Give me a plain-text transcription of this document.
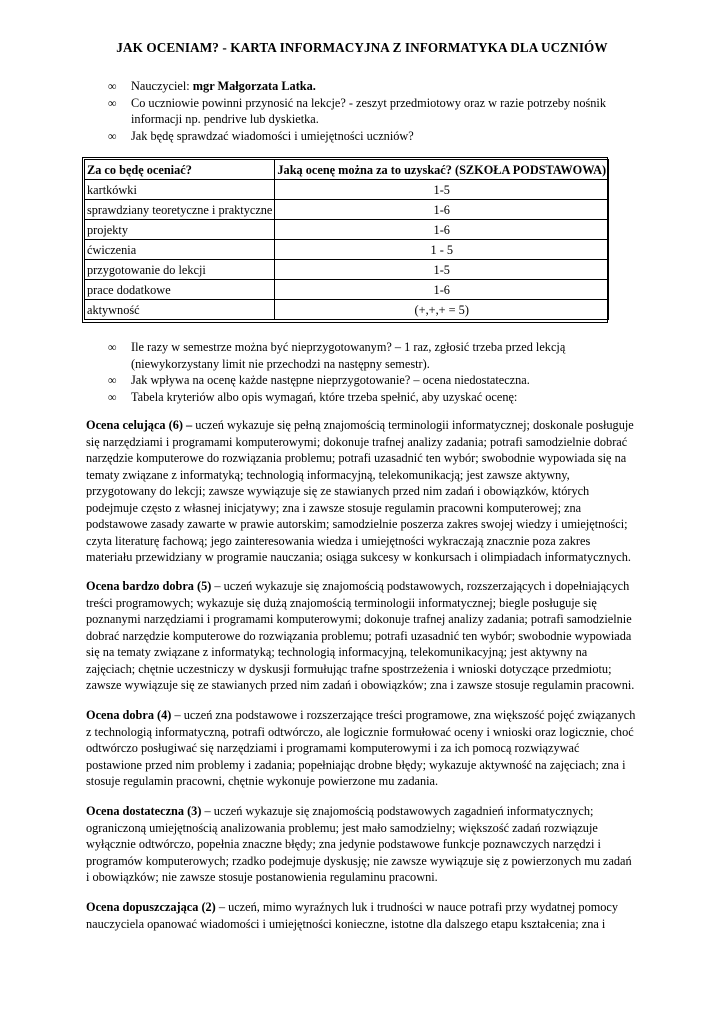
JAK OCENIAM? - KARTA INFORMACYJNA Z INFORMATYKA DLA UCZNIÓW
∞ Nauczyciel: mgr Małgorzata Latka.
∞ Co uczniowie powinni przynosić na lekcje? - zeszyt przedmiotowy oraz w razie potrzeby nośnik informacji np. pendrive lub dyskietka.
∞ Jak będę sprawdzać wiadomości i umiejętności uczniów?
Za co będę oceniać?	Jaką ocenę można za to uzyskać? (SZKOŁA PODSTAWOWA)
kartkówki	1-5
sprawdziany teoretyczne i praktyczne	1-6
projekty	1-6
ćwiczenia	1 - 5
przygotowanie do lekcji	1-5
prace dodatkowe	1-6
aktywność	(+,+,+ = 5)
∞ Ile razy w semestrze można być nieprzygotowanym? – 1 raz, zgłosić trzeba przed lekcją (niewykorzystany limit nie przechodzi na następny semestr).
∞ Jak wpływa na ocenę każde następne nieprzygotowanie? – ocena niedostateczna.
∞ Tabela kryteriów albo opis wymagań, które trzeba spełnić, aby uzyskać ocenę:

Ocena celująca (6) – uczeń wykazuje się pełną znajomością terminologii informatycznej; doskonale posługuje się narzędziami i programami komputerowymi; dokonuje trafnej analizy zadania; potrafi samodzielnie dobrać narzędzie komputerowe do rozwiązania problemu; potrafi uzasadnić ten wybór; swobodnie wypowiada się na tematy związane z informatyką; technologią informacyjną, telekomunikacją; jest zawsze aktywny, przygotowany do lekcji; zawsze wywiązuje się ze stawianych przed nim zadań i obowiązków, których podejmuje często z własnej inicjatywy; zna i zawsze stosuje regulamin pracowni komputerowej; zna podstawowe zasady zawarte w prawie autorskim; samodzielnie poszerza zakres swojej wiedzy i umiejętności; czyta literaturę fachową; jego zainteresowania wiedza i umiejętności wykraczają znacznie poza zakres materiału przewidziany w programie nauczania; osiąga sukcesy w konkursach i olimpiadach informatycznych.

Ocena bardzo dobra (5) – uczeń wykazuje się znajomością podstawowych, rozszerzających i dopełniających treści programowych; wykazuje się dużą znajomością terminologii informatycznej; biegle posługuje się poznanymi narzędziami i programami komputerowymi; dokonuje trafnej analizy zadania; potrafi samodzielnie dobrać narzędzie komputerowe do rozwiązania problemu; potrafi uzasadnić ten wybór; swobodnie wypowiada się na tematy związane z informatyką; technologią informacyjną, telekomunikacyjną; jest aktywny na zajęciach; chętnie uczestniczy w dyskusji formułując trafne spostrzeżenia i wnioski dotyczące przedmiotu; zawsze wywiązuje się ze stawianych przed nim zadań i obowiązków; zna i zawsze stosuje regulamin pracowni.

Ocena dobra (4) – uczeń zna podstawowe i rozszerzające treści programowe, zna większość pojęć związanych z technologią informatyczną, potrafi odtwórczo, ale logicznie formułować oceny i wnioski oraz logicznie, choć odtwórczo posługiwać się narzędziami i programami komputerowymi i za ich pomocą rozwiązywać postawione przed nim problemy i zadania; popełniając drobne błędy; wykazuje aktywność na zajęciach; zna i stosuje regulamin pracowni, chętnie wykonuje powierzone mu zadania.

Ocena dostateczna (3) – uczeń wykazuje się znajomością podstawowych zagadnień informatycznych; ograniczoną umiejętnością analizowania problemu; jest mało samodzielny; większość zadań rozwiązuje wyłącznie odtwórczo, popełnia znaczne błędy; zna jedynie podstawowe funkcje poznawczych narzędzi i programów komputerowych; rzadko podejmuje dyskusję; nie zawsze wywiązuje się z powierzonych mu zadań i obowiązków; nie zawsze stosuje postanowienia regulaminu pracowni.

Ocena dopuszczająca (2) – uczeń, mimo wyraźnych luk i trudności w nauce potrafi przy wydatnej pomocy nauczyciela opanować wiadomości i umiejętności konieczne, istotne dla dalszego etapu kształcenia; zna i
